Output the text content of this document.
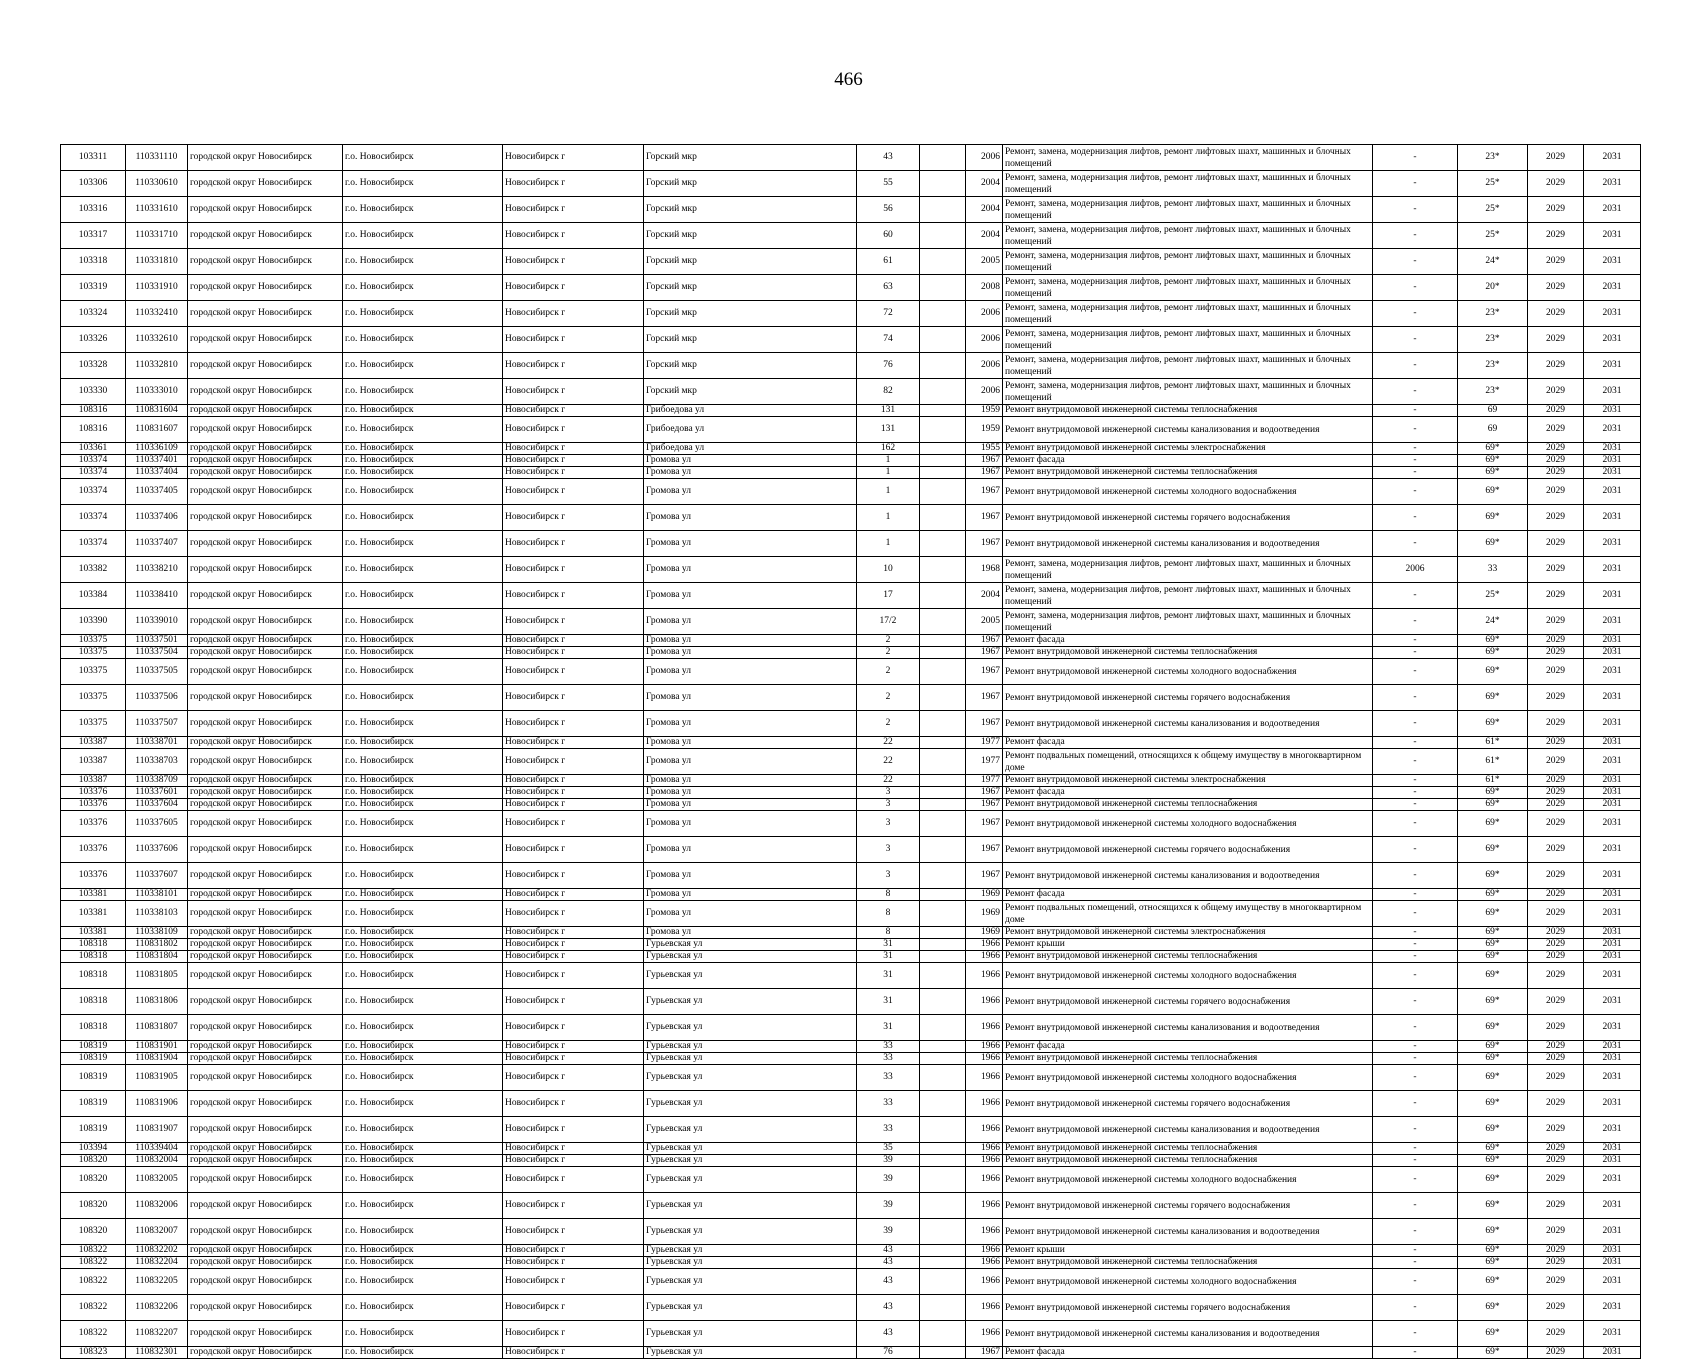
466
103311	110331110	городской округ Новосибирск	г.о. Новосибирск	Новосибирск г	Горский мкр	43		2006	Ремонт, замена, модернизация лифтов, ремонт лифтовых шахт, машинных и блочных помещений	-	23*	2029	2031
103306	110330610	городской округ Новосибирск	г.о. Новосибирск	Новосибирск г	Горский мкр	55		2004	Ремонт, замена, модернизация лифтов, ремонт лифтовых шахт, машинных и блочных помещений	-	25*	2029	2031
103316	110331610	городской округ Новосибирск	г.о. Новосибирск	Новосибирск г	Горский мкр	56		2004	Ремонт, замена, модернизация лифтов, ремонт лифтовых шахт, машинных и блочных помещений	-	25*	2029	2031
103317	110331710	городской округ Новосибирск	г.о. Новосибирск	Новосибирск г	Горский мкр	60		2004	Ремонт, замена, модернизация лифтов, ремонт лифтовых шахт, машинных и блочных помещений	-	25*	2029	2031
103318	110331810	городской округ Новосибирск	г.о. Новосибирск	Новосибирск г	Горский мкр	61		2005	Ремонт, замена, модернизация лифтов, ремонт лифтовых шахт, машинных и блочных помещений	-	24*	2029	2031
103319	110331910	городской округ Новосибирск	г.о. Новосибирск	Новосибирск г	Горский мкр	63		2008	Ремонт, замена, модернизация лифтов, ремонт лифтовых шахт, машинных и блочных помещений	-	20*	2029	2031
103324	110332410	городской округ Новосибирск	г.о. Новосибирск	Новосибирск г	Горский мкр	72		2006	Ремонт, замена, модернизация лифтов, ремонт лифтовых шахт, машинных и блочных помещений	-	23*	2029	2031
103326	110332610	городской округ Новосибирск	г.о. Новосибирск	Новосибирск г	Горский мкр	74		2006	Ремонт, замена, модернизация лифтов, ремонт лифтовых шахт, машинных и блочных помещений	-	23*	2029	2031
103328	110332810	городской округ Новосибирск	г.о. Новосибирск	Новосибирск г	Горский мкр	76		2006	Ремонт, замена, модернизация лифтов, ремонт лифтовых шахт, машинных и блочных помещений	-	23*	2029	2031
103330	110333010	городской округ Новосибирск	г.о. Новосибирск	Новосибирск г	Горский мкр	82		2006	Ремонт, замена, модернизация лифтов, ремонт лифтовых шахт, машинных и блочных помещений	-	23*	2029	2031
108316	110831604	городской округ Новосибирск	г.о. Новосибирск	Новосибирск г	Грибоедова ул	131		1959	Ремонт внутридомовой инженерной системы теплоснабжения	-	69	2029	2031
108316	110831607	городской округ Новосибирск	г.о. Новосибирск	Новосибирск г	Грибоедова ул	131		1959	Ремонт внутридомовой инженерной системы канализования и водоотведения	-	69	2029	2031
103361	110336109	городской округ Новосибирск	г.о. Новосибирск	Новосибирск г	Грибоедова ул	162		1955	Ремонт внутридомовой инженерной системы электроснабжения	-	69*	2029	2031
103374	110337401	городской округ Новосибирск	г.о. Новосибирск	Новосибирск г	Громова ул	1		1967	Ремонт фасада	-	69*	2029	2031
103374	110337404	городской округ Новосибирск	г.о. Новосибирск	Новосибирск г	Громова ул	1		1967	Ремонт внутридомовой инженерной системы теплоснабжения	-	69*	2029	2031
103374	110337405	городской округ Новосибирск	г.о. Новосибирск	Новосибирск г	Громова ул	1		1967	Ремонт внутридомовой инженерной системы холодного водоснабжения	-	69*	2029	2031
103374	110337406	городской округ Новосибирск	г.о. Новосибирск	Новосибирск г	Громова ул	1		1967	Ремонт внутридомовой инженерной системы горячего водоснабжения	-	69*	2029	2031
103374	110337407	городской округ Новосибирск	г.о. Новосибирск	Новосибирск г	Громова ул	1		1967	Ремонт внутридомовой инженерной системы канализования и водоотведения	-	69*	2029	2031
103382	110338210	городской округ Новосибирск	г.о. Новосибирск	Новосибирск г	Громова ул	10		1968	Ремонт, замена, модернизация лифтов, ремонт лифтовых шахт, машинных и блочных помещений	2006	33	2029	2031
103384	110338410	городской округ Новосибирск	г.о. Новосибирск	Новосибирск г	Громова ул	17		2004	Ремонт, замена, модернизация лифтов, ремонт лифтовых шахт, машинных и блочных помещений	-	25*	2029	2031
103390	110339010	городской округ Новосибирск	г.о. Новосибирск	Новосибирск г	Громова ул	17/2		2005	Ремонт, замена, модернизация лифтов, ремонт лифтовых шахт, машинных и блочных помещений	-	24*	2029	2031
103375	110337501	городской округ Новосибирск	г.о. Новосибирск	Новосибирск г	Громова ул	2		1967	Ремонт фасада	-	69*	2029	2031
103375	110337504	городской округ Новосибирск	г.о. Новосибирск	Новосибирск г	Громова ул	2		1967	Ремонт внутридомовой инженерной системы теплоснабжения	-	69*	2029	2031
103375	110337505	городской округ Новосибирск	г.о. Новосибирск	Новосибирск г	Громова ул	2		1967	Ремонт внутридомовой инженерной системы холодного водоснабжения	-	69*	2029	2031
103375	110337506	городской округ Новосибирск	г.о. Новосибирск	Новосибирск г	Громова ул	2		1967	Ремонт внутридомовой инженерной системы горячего водоснабжения	-	69*	2029	2031
103375	110337507	городской округ Новосибирск	г.о. Новосибирск	Новосибирск г	Громова ул	2		1967	Ремонт внутридомовой инженерной системы канализования и водоотведения	-	69*	2029	2031
103387	110338701	городской округ Новосибирск	г.о. Новосибирск	Новосибирск г	Громова ул	22		1977	Ремонт фасада	-	61*	2029	2031
103387	110338703	городской округ Новосибирск	г.о. Новосибирск	Новосибирск г	Громова ул	22		1977	Ремонт подвальных помещений, относящихся к общему имуществу в многоквартирном доме	-	61*	2029	2031
103387	110338709	городской округ Новосибирск	г.о. Новосибирск	Новосибирск г	Громова ул	22		1977	Ремонт внутридомовой инженерной системы электроснабжения	-	61*	2029	2031
103376	110337601	городской округ Новосибирск	г.о. Новосибирск	Новосибирск г	Громова ул	3		1967	Ремонт фасада	-	69*	2029	2031
103376	110337604	городской округ Новосибирск	г.о. Новосибирск	Новосибирск г	Громова ул	3		1967	Ремонт внутридомовой инженерной системы теплоснабжения	-	69*	2029	2031
103376	110337605	городской округ Новосибирск	г.о. Новосибирск	Новосибирск г	Громова ул	3		1967	Ремонт внутридомовой инженерной системы холодного водоснабжения	-	69*	2029	2031
103376	110337606	городской округ Новосибирск	г.о. Новосибирск	Новосибирск г	Громова ул	3		1967	Ремонт внутридомовой инженерной системы горячего водоснабжения	-	69*	2029	2031
103376	110337607	городской округ Новосибирск	г.о. Новосибирск	Новосибирск г	Громова ул	3		1967	Ремонт внутридомовой инженерной системы канализования и водоотведения	-	69*	2029	2031
103381	110338101	городской округ Новосибирск	г.о. Новосибирск	Новосибирск г	Громова ул	8		1969	Ремонт фасада	-	69*	2029	2031
103381	110338103	городской округ Новосибирск	г.о. Новосибирск	Новосибирск г	Громова ул	8		1969	Ремонт подвальных помещений, относящихся к общему имуществу в многоквартирном доме	-	69*	2029	2031
103381	110338109	городской округ Новосибирск	г.о. Новосибирск	Новосибирск г	Громова ул	8		1969	Ремонт внутридомовой инженерной системы электроснабжения	-	69*	2029	2031
108318	110831802	городской округ Новосибирск	г.о. Новосибирск	Новосибирск г	Гурьевская ул	31		1966	Ремонт крыши	-	69*	2029	2031
108318	110831804	городской округ Новосибирск	г.о. Новосибирск	Новосибирск г	Гурьевская ул	31		1966	Ремонт внутридомовой инженерной системы теплоснабжения	-	69*	2029	2031
108318	110831805	городской округ Новосибирск	г.о. Новосибирск	Новосибирск г	Гурьевская ул	31		1966	Ремонт внутридомовой инженерной системы холодного водоснабжения	-	69*	2029	2031
108318	110831806	городской округ Новосибирск	г.о. Новосибирск	Новосибирск г	Гурьевская ул	31		1966	Ремонт внутридомовой инженерной системы горячего водоснабжения	-	69*	2029	2031
108318	110831807	городской округ Новосибирск	г.о. Новосибирск	Новосибирск г	Гурьевская ул	31		1966	Ремонт внутридомовой инженерной системы канализования и водоотведения	-	69*	2029	2031
108319	110831901	городской округ Новосибирск	г.о. Новосибирск	Новосибирск г	Гурьевская ул	33		1966	Ремонт фасада	-	69*	2029	2031
108319	110831904	городской округ Новосибирск	г.о. Новосибирск	Новосибирск г	Гурьевская ул	33		1966	Ремонт внутридомовой инженерной системы теплоснабжения	-	69*	2029	2031
108319	110831905	городской округ Новосибирск	г.о. Новосибирск	Новосибирск г	Гурьевская ул	33		1966	Ремонт внутридомовой инженерной системы холодного водоснабжения	-	69*	2029	2031
108319	110831906	городской округ Новосибирск	г.о. Новосибирск	Новосибирск г	Гурьевская ул	33		1966	Ремонт внутридомовой инженерной системы горячего водоснабжения	-	69*	2029	2031
108319	110831907	городской округ Новосибирск	г.о. Новосибирск	Новосибирск г	Гурьевская ул	33		1966	Ремонт внутридомовой инженерной системы канализования и водоотведения	-	69*	2029	2031
103394	110339404	городской округ Новосибирск	г.о. Новосибирск	Новосибирск г	Гурьевская ул	35		1966	Ремонт внутридомовой инженерной системы теплоснабжения	-	69*	2029	2031
108320	110832004	городской округ Новосибирск	г.о. Новосибирск	Новосибирск г	Гурьевская ул	39		1966	Ремонт внутридомовой инженерной системы теплоснабжения	-	69*	2029	2031
108320	110832005	городской округ Новосибирск	г.о. Новосибирск	Новосибирск г	Гурьевская ул	39		1966	Ремонт внутридомовой инженерной системы холодного водоснабжения	-	69*	2029	2031
108320	110832006	городской округ Новосибирск	г.о. Новосибирск	Новосибирск г	Гурьевская ул	39		1966	Ремонт внутридомовой инженерной системы горячего водоснабжения	-	69*	2029	2031
108320	110832007	городской округ Новосибирск	г.о. Новосибирск	Новосибирск г	Гурьевская ул	39		1966	Ремонт внутридомовой инженерной системы канализования и водоотведения	-	69*	2029	2031
108322	110832202	городской округ Новосибирск	г.о. Новосибирск	Новосибирск г	Гурьевская ул	43		1966	Ремонт крыши	-	69*	2029	2031
108322	110832204	городской округ Новосибирск	г.о. Новосибирск	Новосибирск г	Гурьевская ул	43		1966	Ремонт внутридомовой инженерной системы теплоснабжения	-	69*	2029	2031
108322	110832205	городской округ Новосибирск	г.о. Новосибирск	Новосибирск г	Гурьевская ул	43		1966	Ремонт внутридомовой инженерной системы холодного водоснабжения	-	69*	2029	2031
108322	110832206	городской округ Новосибирск	г.о. Новосибирск	Новосибирск г	Гурьевская ул	43		1966	Ремонт внутридомовой инженерной системы горячего водоснабжения	-	69*	2029	2031
108322	110832207	городской округ Новосибирск	г.о. Новосибирск	Новосибирск г	Гурьевская ул	43		1966	Ремонт внутридомовой инженерной системы канализования и водоотведения	-	69*	2029	2031
108323	110832301	городской округ Новосибирск	г.о. Новосибирск	Новосибирск г	Гурьевская ул	76		1967	Ремонт фасада	-	69*	2029	2031
